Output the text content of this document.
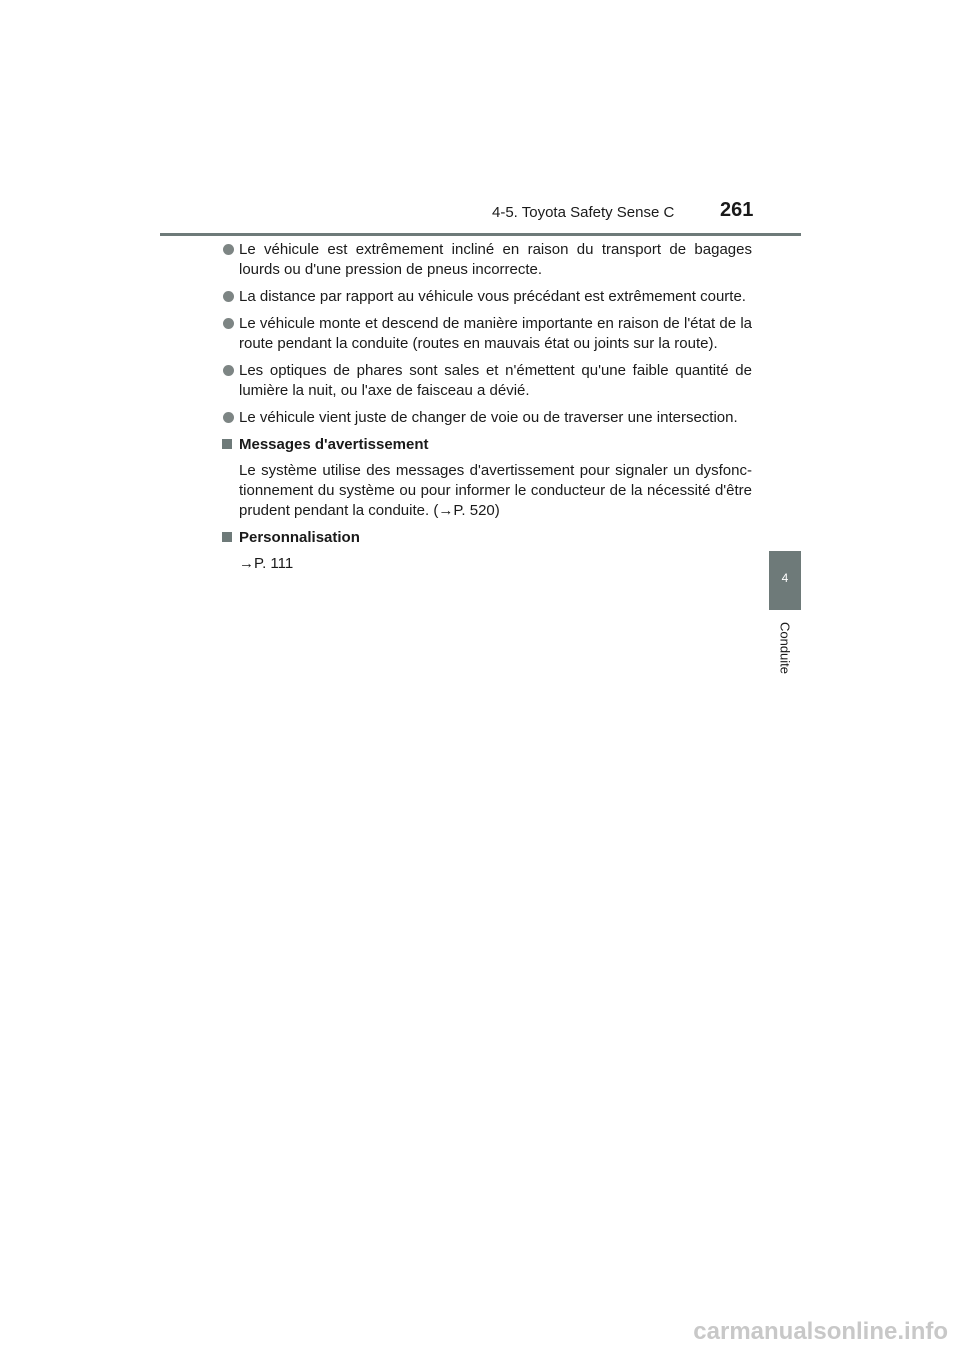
4-5. Toyota Safety Sense C 261
Le véhicule est extrêmement incliné en raison du transport de bagages lourds ou d'une pression de pneus incorrecte.
La distance par rapport au véhicule vous précédant est extrêmement courte.
Le véhicule monte et descend de manière importante en raison de l'état de la route pendant la conduite (routes en mauvais état ou joints sur la route).
Les optiques de phares sont sales et n'émettent qu'une faible quantité de lumière la nuit, ou l'axe de faisceau a dévié.
Le véhicule vient juste de changer de voie ou de traverser une intersection.
Messages d'avertissement
Le système utilise des messages d'avertissement pour signaler un dysfonc-tionnement du système ou pour informer le conducteur de la nécessité d'être prudent pendant la conduite. (→P. 520)
Personnalisation
→P. 111
4
Conduite
carmanualsonline.info
